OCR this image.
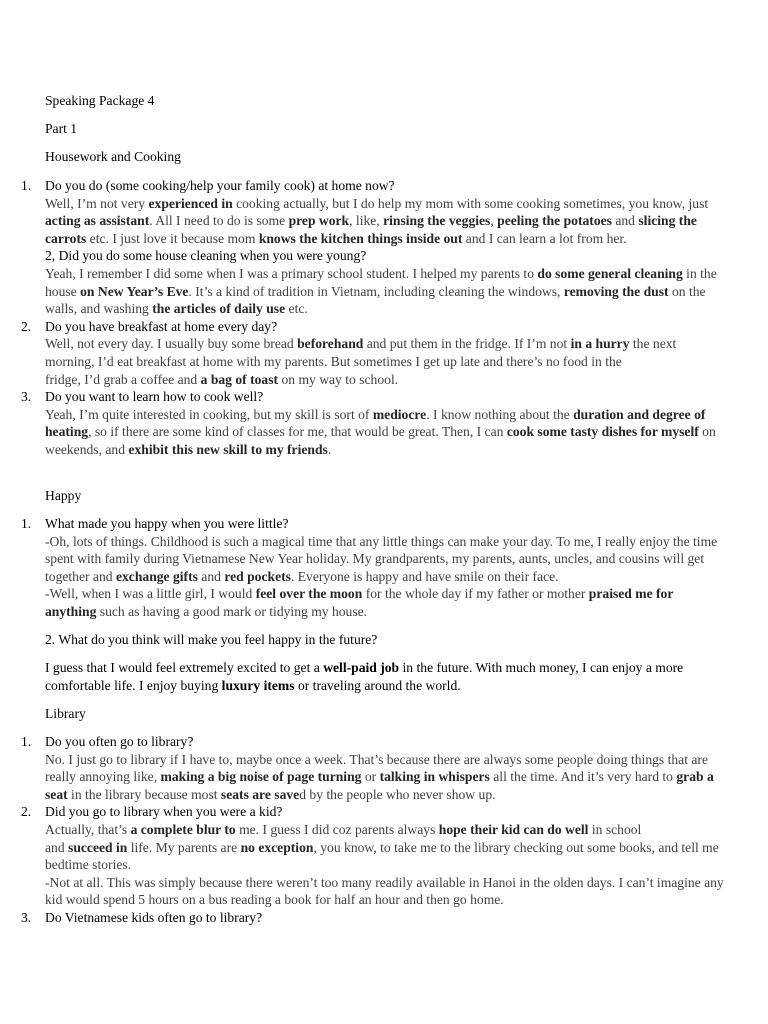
Speaking Package 4

Part 1

Housework and Cooking

1. Do you do (some cooking/help your family cook) at home now?
Well, I’m not very experienced in cooking actually, but I do help my mom with some cooking sometimes, you know, just acting as assistant. All I need to do is some prep work, like, rinsing the veggies, peeling the potatoes and slicing the carrots etc. I just love it because mom knows the kitchen things inside out and I can learn a lot from her.
2, Did you do some house cleaning when you were young?
Yeah, I remember I did some when I was a primary school student. I helped my parents to do some general cleaning in the house on New Year’s Eve. It’s a kind of tradition in Vietnam, including cleaning the windows, removing the dust on the walls, and washing the articles of daily use etc.
2. Do you have breakfast at home every day?
Well, not every day. I usually buy some bread beforehand and put them in the fridge. If I’m not in a hurry the next morning, I’d eat breakfast at home with my parents. But sometimes I get up late and there’s no food in the
fridge, I’d grab a coffee and a bag of toast on my way to school.
3. Do you want to learn how to cook well?
Yeah, I’m quite interested in cooking, but my skill is sort of mediocre. I know nothing about the duration and degree of heating, so if there are some kind of classes for me, that would be great. Then, I can cook some tasty dishes for myself on weekends, and exhibit this new skill to my friends.

Happy

1. What made you happy when you were little?
-Oh, lots of things. Childhood is such a magical time that any little things can make your day. To me, I really enjoy the time spent with family during Vietnamese New Year holiday. My grandparents, my parents, aunts, uncles, and cousins will get together and exchange gifts and red pockets. Everyone is happy and have smile on their face.
-Well, when I was a little girl, I would feel over the moon for the whole day if my father or mother praised me for anything such as having a good mark or tidying my house.

2. What do you think will make you feel happy in the future?

I guess that I would feel extremely excited to get a well-paid job in the future. With much money, I can enjoy a more comfortable life. I enjoy buying luxury items or traveling around the world.

Library

1. Do you often go to library?
No. I just go to library if I have to, maybe once a week. That’s because there are always some people doing things that are really annoying like, making a big noise of page turning or talking in whispers all the time. And it’s very hard to grab a seat in the library because most seats are saved by the people who never show up.
2. Did you go to library when you were a kid?
Actually, that’s a complete blur to me. I guess I did coz parents always hope their kid can do well in school
and succeed in life. My parents are no exception, you know, to take me to the library checking out some books, and tell me bedtime stories.
-Not at all. This was simply because there weren’t too many readily available in Hanoi in the olden days. I can’t imagine any kid would spend 5 hours on a bus reading a book for half an hour and then go home.
3. Do Vietnamese kids often go to library?
